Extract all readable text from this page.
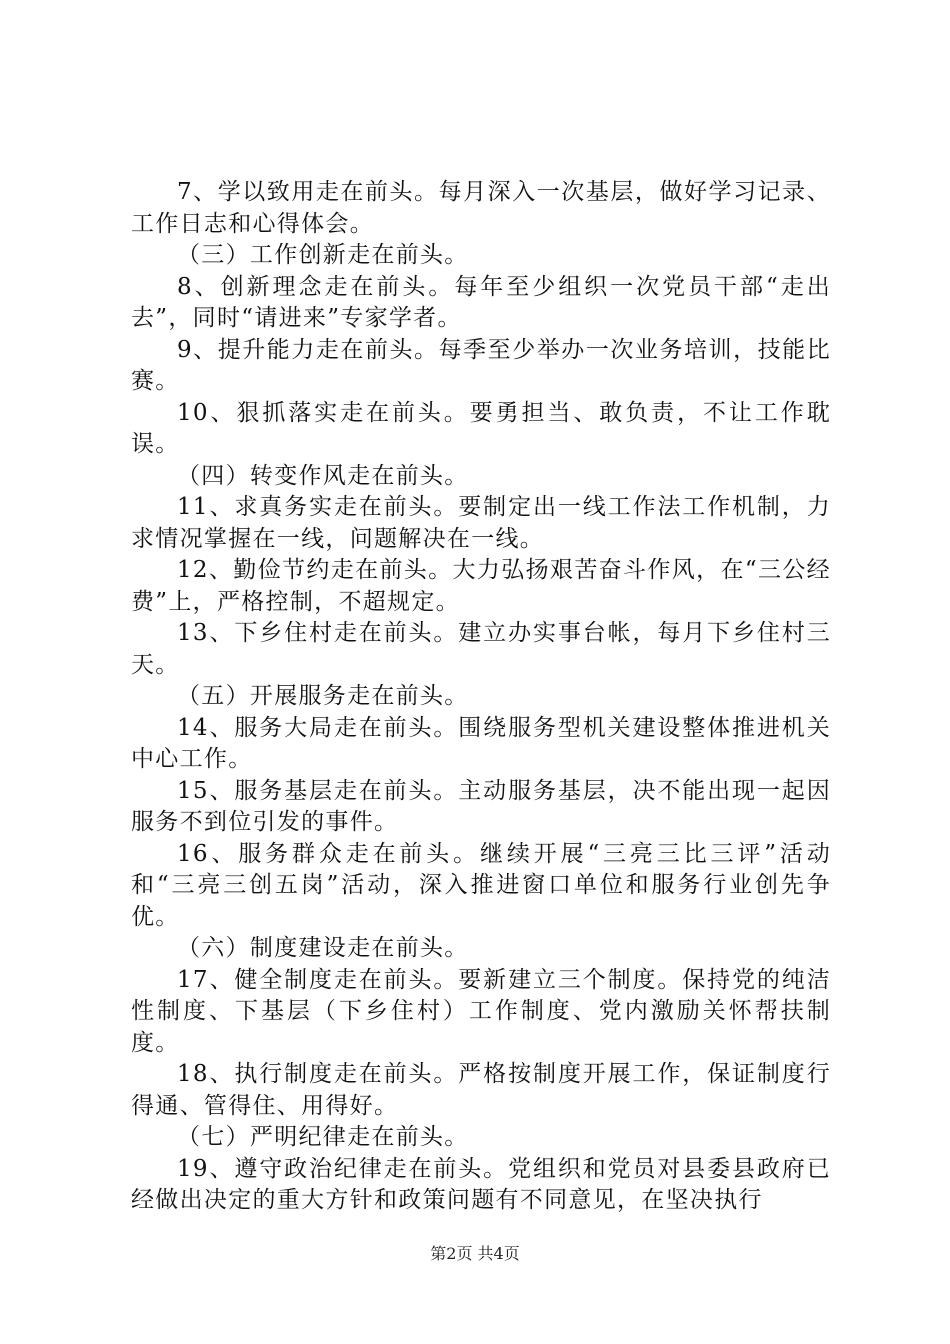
7、学以致用走在前头。每月深入一次基层，做好学习记录、工作日志和心得体会。

（三）工作创新走在前头。

8、创新理念走在前头。每年至少组织一次党员干部“走出去”，同时“请进来”专家学者。

9、提升能力走在前头。每季至少举办一次业务培训，技能比赛。

10、狠抓落实走在前头。要勇担当、敢负责，不让工作耽误。

（四）转变作风走在前头。

11、求真务实走在前头。要制定出一线工作法工作机制，力求情况掌握在一线，问题解决在一线。

12、勤俭节约走在前头。大力弘扬艰苦奋斗作风，在“三公经费”上，严格控制，不超规定。

13、下乡住村走在前头。建立办实事台帐，每月下乡住村三天。

（五）开展服务走在前头。

14、服务大局走在前头。围绕服务型机关建设整体推进机关中心工作。

15、服务基层走在前头。主动服务基层，决不能出现一起因服务不到位引发的事件。

16、服务群众走在前头。继续开展“三亮三比三评”活动和“三亮三创五岗”活动，深入推进窗口单位和服务行业创先争优。

（六）制度建设走在前头。

17、健全制度走在前头。要新建立三个制度。保持党的纯洁性制度、下基层（下乡住村）工作制度、党内激励关怀帮扶制度。

18、执行制度走在前头。严格按制度开展工作，保证制度行得通、管得住、用得好。

（七）严明纪律走在前头。

19、遵守政治纪律走在前头。党组织和党员对县委县政府已经做出决定的重大方针和政策问题有不同意见，在坚决执行

第2页 共4页
